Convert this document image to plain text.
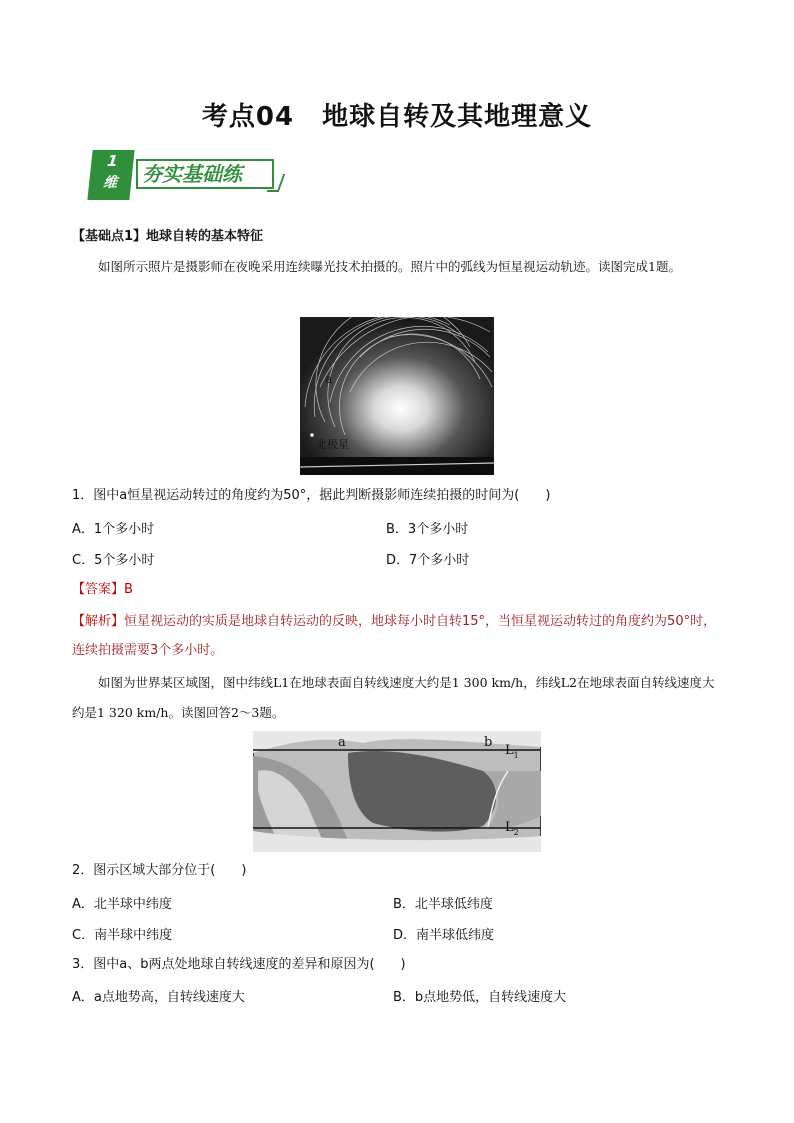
考点04 地球自转及其地理意义
1
维	夯实基础练

【基础点1】地球自转的基本特征

如图所示照片是摄影师在夜晚采用连续曝光技术拍摄的。照片中的弧线为恒星视运动轨迹。读图完成1题。

a
北极星

1．图中a恒星视运动转过的角度约为50°，据此判断摄影师连续拍摄的时间为(　　)

A．1个多小时	B．3个多小时
C．5个多小时	D．7个多小时

【答案】B

【解析】恒星视运动的实质是地球自转运动的反映，地球每小时自转15°，当恒星视运动转过的角度约为50°时，连续拍摄需要3个多小时。

如图为世界某区域图，图中纬线L1在地球表面自转线速度大约是1 300 km/h，纬线L2在地球表面自转线速度大约是1 320 km/h。读图回答2～3题。

a	b
$L_1$
$L_2$

2．图示区域大部分位于(　　)

A．北半球中纬度	B．北半球低纬度
C．南半球中纬度	D．南半球低纬度

3．图中a、b两点处地球自转线速度的差异和原因为(　　)

A．a点地势高，自转线速度大	B．b点地势低，自转线速度大
